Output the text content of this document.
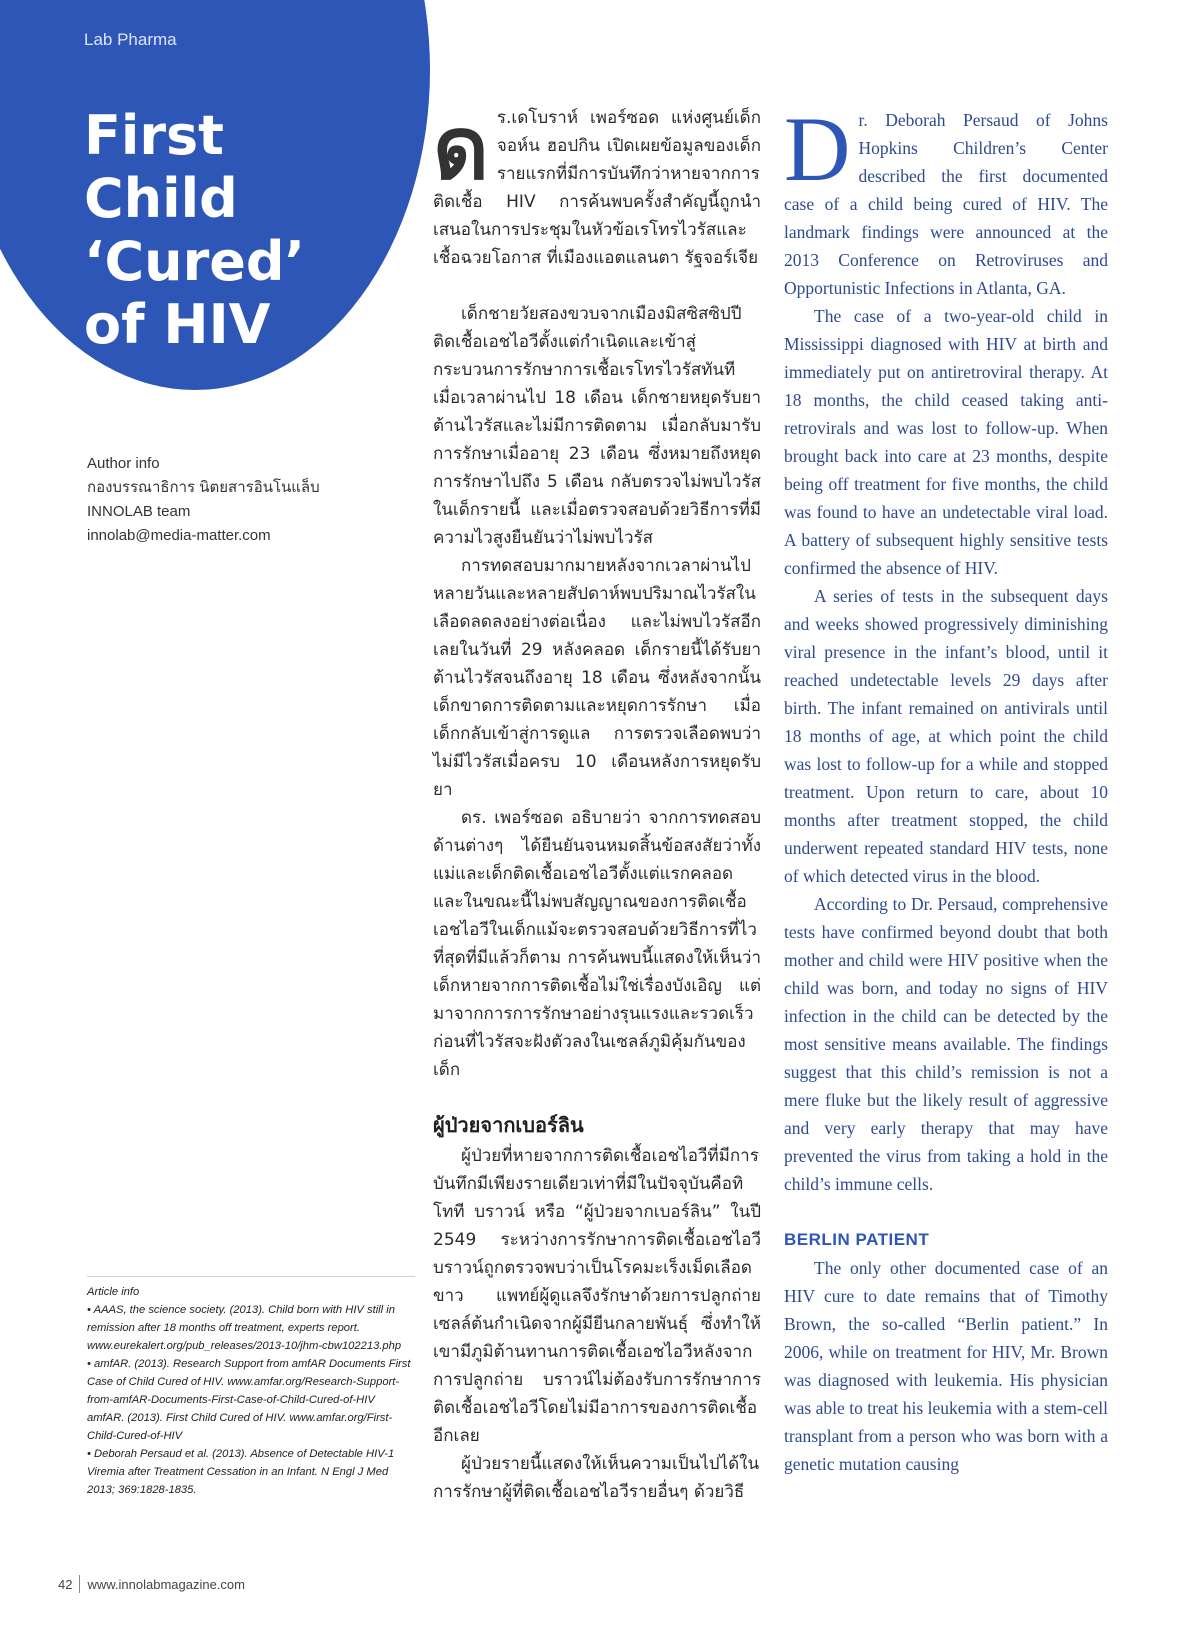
Lab Pharma

First Child ‘Cured’ of HIV
Author info
กองบรรณาธิการ นิตยสารอินโนแล็บ
INNOLAB team
innolab@media-matter.com

ดร.เดโบราห์ เพอร์ซอด แห่งศูนย์เด็กจอห์น ฮอปกิน เปิดเผยข้อมูลของเด็กรายแรกที่มีการบันทึกว่าหายจากการติดเชื้อ HIV การค้นพบครั้งสำคัญนี้ถูกนำเสนอในการประชุมในหัวข้อเรโทรไวรัสและเชื้อฉวยโอกาส ที่เมืองแอตแลนตา รัฐจอร์เจีย

เด็กชายวัยสองขวบจากเมืองมิสซิสซิปปีติดเชื้อเอชไอวีตั้งแต่กำเนิดและเข้าสู่กระบวนการรักษาการเชื้อเรโทรไวรัสทันที เมื่อเวลาผ่านไป 18 เดือน เด็กชายหยุดรับยาต้านไวรัสและไม่มีการติดตาม เมื่อกลับมารับการรักษาเมื่ออายุ 23 เดือน ซึ่งหมายถึงหยุดการรักษาไปถึง 5 เดือน กลับตรวจไม่พบไวรัสในเด็กรายนี้ และเมื่อตรวจสอบด้วยวิธีการที่มีความไวสูงยืนยันว่าไม่พบไวรัส

การทดสอบมากมายหลังจากเวลาผ่านไปหลายวันและหลายสัปดาห์พบปริมาณไวรัสในเลือดลดลงอย่างต่อเนื่อง และไม่พบไวรัสอีกเลยในวันที่ 29 หลังคลอด เด็กรายนี้ได้รับยาต้านไวรัสจนถึงอายุ 18 เดือน ซึ่งหลังจากนั้นเด็กขาดการติดตามและหยุดการรักษา เมื่อเด็กกลับเข้าสู่การดูแล การตรวจเลือดพบว่าไม่มีไวรัสเมื่อครบ 10 เดือนหลังการหยุดรับยา

ดร. เพอร์ซอด อธิบายว่า จากการทดสอบด้านต่างๆ ได้ยืนยันจนหมดสิ้นข้อสงสัยว่าทั้งแม่และเด็กติดเชื้อเอชไอวีตั้งแต่แรกคลอด และในขณะนี้ไม่พบสัญญาณของการติดเชื้อเอชไอวีในเด็กแม้จะตรวจสอบด้วยวิธีการที่ไวที่สุดที่มีแล้วก็ตาม การค้นพบนี้แสดงให้เห็นว่าเด็กหายจากการติดเชื้อไม่ใช่เรื่องบังเอิญ แต่มาจากการการรักษาอย่างรุนแรงและรวดเร็วก่อนที่ไวรัสจะฝังตัวลงในเซลล์ภูมิคุ้มกันของเด็ก

ผู้ป่วยจากเบอร์ลิน

ผู้ป่วยที่หายจากการติดเชื้อเอชไอวีที่มีการบันทึกมีเพียงรายเดียวเท่าที่มีในปัจจุบันคือทิโทที บราวน์ หรือ “ผู้ป่วยจากเบอร์ลิน” ในปี 2549 ระหว่างการรักษาการติดเชื้อเอชไอวีบราวน์ถูกตรวจพบว่าเป็นโรคมะเร็งเม็ดเลือดขาว แพทย์ผู้ดูแลจึงรักษาด้วยการปลูกถ่ายเซลล์ต้นกำเนิดจากผู้มียีนกลายพันธุ์ ซึ่งทำให้เขามีภูมิต้านทานการติดเชื้อเอชไอวีหลังจากการปลูกถ่าย บราวน์ไม่ต้องรับการรักษาการติดเชื้อเอชไอวีโดยไม่มีอาการของการติดเชื้ออีกเลย

ผู้ป่วยรายนี้แสดงให้เห็นความเป็นไปได้ในการรักษาผู้ที่ติดเชื้อเอชไอวีรายอื่นๆ ด้วยวิธี

Dr. Deborah Persaud of Johns Hopkins Children’s Center described the first documented case of a child being cured of HIV. The landmark findings were announced at the 2013 Conference on Retroviruses and Opportunistic Infections in Atlanta, GA.

The case of a two-year-old child in Mississippi diagnosed with HIV at birth and immediately put on antiretroviral therapy. At 18 months, the child ceased taking anti-retrovirals and was lost to follow-up. When brought back into care at 23 months, despite being off treatment for five months, the child was found to have an undetectable viral load. A battery of subsequent highly sensitive tests confirmed the absence of HIV.

A series of tests in the subsequent days and weeks showed progressively diminishing viral presence in the infant’s blood, until it reached undetectable levels 29 days after birth. The infant remained on antivirals until 18 months of age, at which point the child was lost to follow-up for a while and stopped treatment. Upon return to care, about 10 months after treatment stopped, the child underwent repeated standard HIV tests, none of which detected virus in the blood.

According to Dr. Persaud, comprehensive tests have confirmed beyond doubt that both mother and child were HIV positive when the child was born, and today no signs of HIV infection in the child can be detected by the most sensitive means available. The findings suggest that this child’s remission is not a mere fluke but the likely result of aggressive and very early therapy that may have prevented the virus from taking a hold in the child’s immune cells.

BERLIN PATIENT

The only other documented case of an HIV cure to date remains that of Timothy Brown, the so-called “Berlin patient.” In 2006, while on treatment for HIV, Mr. Brown was diagnosed with leukemia. His physician was able to treat his leukemia with a stem-cell transplant from a person who was born with a genetic mutation causing

Article info

• AAAS, the science society. (2013). Child born with HIV still in remission after 18 months off treatment, experts report. www.eurekalert.org/pub_releases/2013-10/jhm-cbw102213.php

• amfAR. (2013). Research Support from amfAR Documents First Case of Child Cured of HIV. www.amfar.org/Research-Support-from-amfAR-Documents-First-Case-of-Child-Cured-of-HIV

amfAR. (2013). First Child Cured of HIV. www.amfar.org/First-Child-Cured-of-HIV

• Deborah Persaud et al. (2013). Absence of Detectable HIV-1 Viremia after Treatment Cessation in an Infant. N Engl J Med 2013; 369:1828-1835.

42 www.innolabmagazine.com
